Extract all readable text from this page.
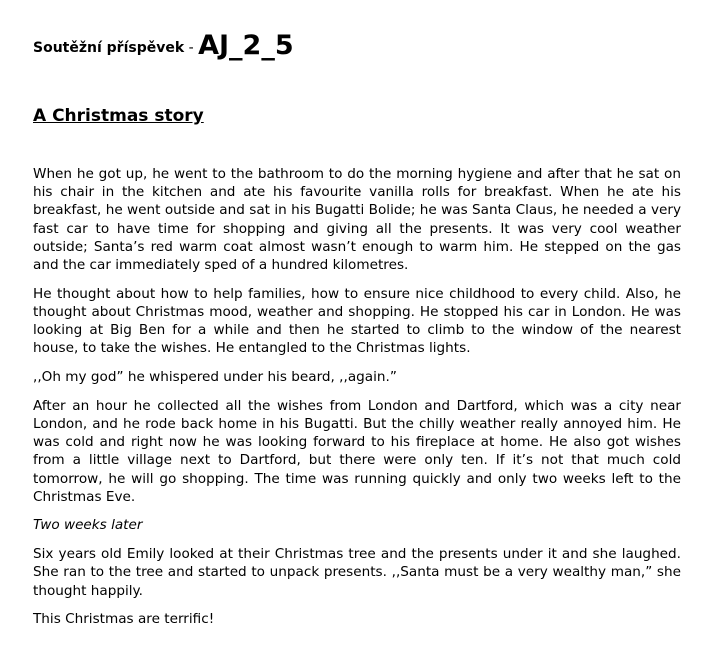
Soutěžní příspěvek - AJ_2_5
A Christmas story

When he got up, he went to the bathroom to do the morning hygiene and after that he sat on his chair in the kitchen and ate his favourite vanilla rolls for breakfast. When he ate his breakfast, he went outside and sat in his Bugatti Bolide; he was Santa Claus, he needed a very fast car to have time for shopping and giving all the presents. It was very cool weather outside; Santa’s red warm coat almost wasn’t enough to warm him. He stepped on the gas and the car immediately sped of a hundred kilometres.

He thought about how to help families, how to ensure nice childhood to every child. Also, he thought about Christmas mood, weather and shopping. He stopped his car in London. He was looking at Big Ben for a while and then he started to climb to the window of the nearest house, to take the wishes. He entangled to the Christmas lights.

,,Oh my god” he whispered under his beard, ,,again.”

After an hour he collected all the wishes from London and Dartford, which was a city near London, and he rode back home in his Bugatti. But the chilly weather really annoyed him. He was cold and right now he was looking forward to his fireplace at home. He also got wishes from a little village next to Dartford, but there were only ten. If it’s not that much cold tomorrow, he will go shopping. The time was running quickly and only two weeks left to the Christmas Eve.

Two weeks later

Six years old Emily looked at their Christmas tree and the presents under it and she laughed. She ran to the tree and started to unpack presents. ,,Santa must be a very wealthy man,” she thought happily.

This Christmas are terrific!
